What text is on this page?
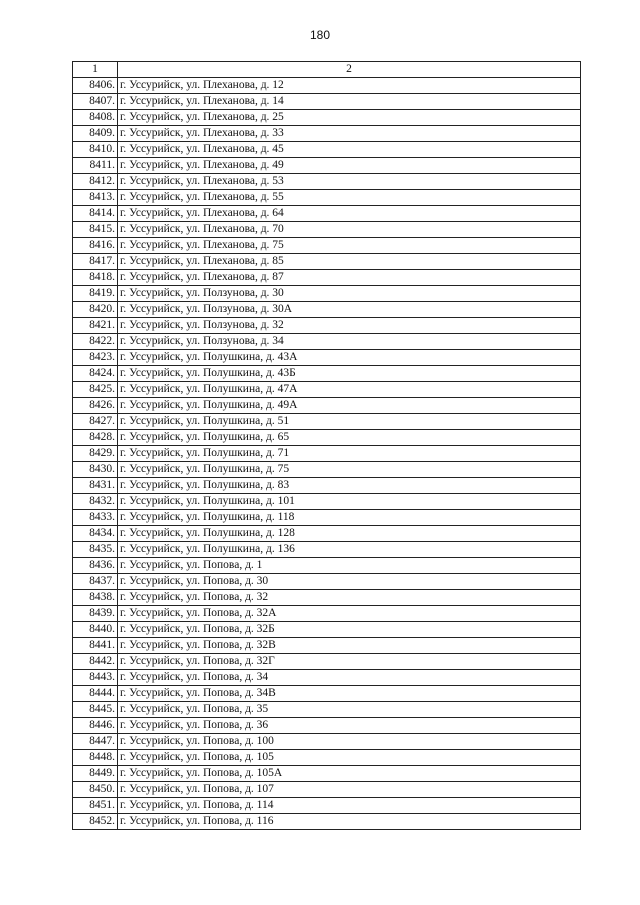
180
1	2
8406.	г. Уссурийск, ул. Плеханова, д. 12
8407.	г. Уссурийск, ул. Плеханова, д. 14
8408.	г. Уссурийск, ул. Плеханова, д. 25
8409.	г. Уссурийск, ул. Плеханова, д. 33
8410.	г. Уссурийск, ул. Плеханова, д. 45
8411.	г. Уссурийск, ул. Плеханова, д. 49
8412.	г. Уссурийск, ул. Плеханова, д. 53
8413.	г. Уссурийск, ул. Плеханова, д. 55
8414.	г. Уссурийск, ул. Плеханова, д. 64
8415.	г. Уссурийск, ул. Плеханова, д. 70
8416.	г. Уссурийск, ул. Плеханова, д. 75
8417.	г. Уссурийск, ул. Плеханова, д. 85
8418.	г. Уссурийск, ул. Плеханова, д. 87
8419.	г. Уссурийск, ул. Ползунова, д. 30
8420.	г. Уссурийск, ул. Ползунова, д. 30А
8421.	г. Уссурийск, ул. Ползунова, д. 32
8422.	г. Уссурийск, ул. Ползунова, д. 34
8423.	г. Уссурийск, ул. Полушкина, д. 43А
8424.	г. Уссурийск, ул. Полушкина, д. 43Б
8425.	г. Уссурийск, ул. Полушкина, д. 47А
8426.	г. Уссурийск, ул. Полушкина, д. 49А
8427.	г. Уссурийск, ул. Полушкина, д. 51
8428.	г. Уссурийск, ул. Полушкина, д. 65
8429.	г. Уссурийск, ул. Полушкина, д. 71
8430.	г. Уссурийск, ул. Полушкина, д. 75
8431.	г. Уссурийск, ул. Полушкина, д. 83
8432.	г. Уссурийск, ул. Полушкина, д. 101
8433.	г. Уссурийск, ул. Полушкина, д. 118
8434.	г. Уссурийск, ул. Полушкина, д. 128
8435.	г. Уссурийск, ул. Полушкина, д. 136
8436.	г. Уссурийск, ул. Попова, д. 1
8437.	г. Уссурийск, ул. Попова, д. 30
8438.	г. Уссурийск, ул. Попова, д. 32
8439.	г. Уссурийск, ул. Попова, д. 32А
8440.	г. Уссурийск, ул. Попова, д. 32Б
8441.	г. Уссурийск, ул. Попова, д. 32В
8442.	г. Уссурийск, ул. Попова, д. 32Г
8443.	г. Уссурийск, ул. Попова, д. 34
8444.	г. Уссурийск, ул. Попова, д. 34В
8445.	г. Уссурийск, ул. Попова, д. 35
8446.	г. Уссурийск, ул. Попова, д. 36
8447.	г. Уссурийск, ул. Попова, д. 100
8448.	г. Уссурийск, ул. Попова, д. 105
8449.	г. Уссурийск, ул. Попова, д. 105А
8450.	г. Уссурийск, ул. Попова, д. 107
8451.	г. Уссурийск, ул. Попова, д. 114
8452.	г. Уссурийск, ул. Попова, д. 116
